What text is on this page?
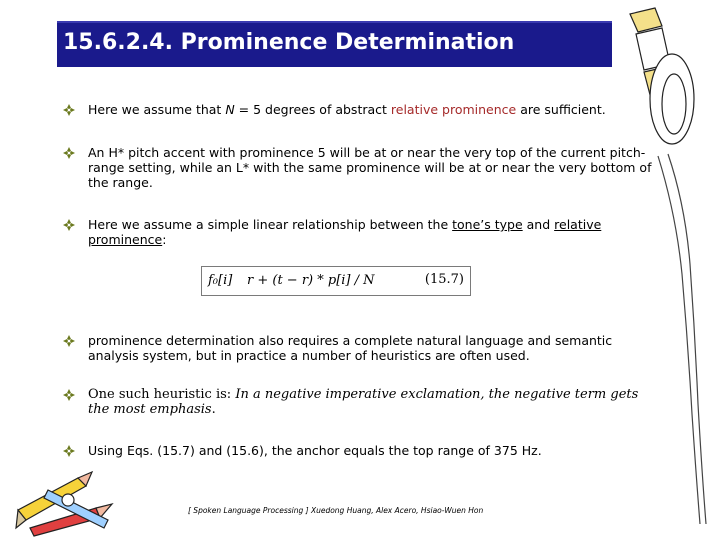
15.6.2.4. Prominence Determination
Here we assume that N = 5 degrees of abstract relative prominence are sufficient.
An H* pitch accent with prominence 5 will be at or near the very top of the current pitch-range setting, while an L* with the same prominence will be at or near the very bottom of the range.
Here we assume a simple linear relationship between the tone’s type and relative
prominence:
f₀[i] r + (t − r) * p[i] / N	(15.7)
prominence determination also requires a complete natural language and semantic analysis system, but in practice a number of heuristics are often used.
One such heuristic is: In a negative imperative exclamation, the negative term gets
the most emphasis.
Using Eqs. (15.7) and (15.6), the anchor equals the top range of 375 Hz.
[ Spoken Language Processing ] Xuedong Huang, Alex Acero, Hsiao-Wuen Hon
